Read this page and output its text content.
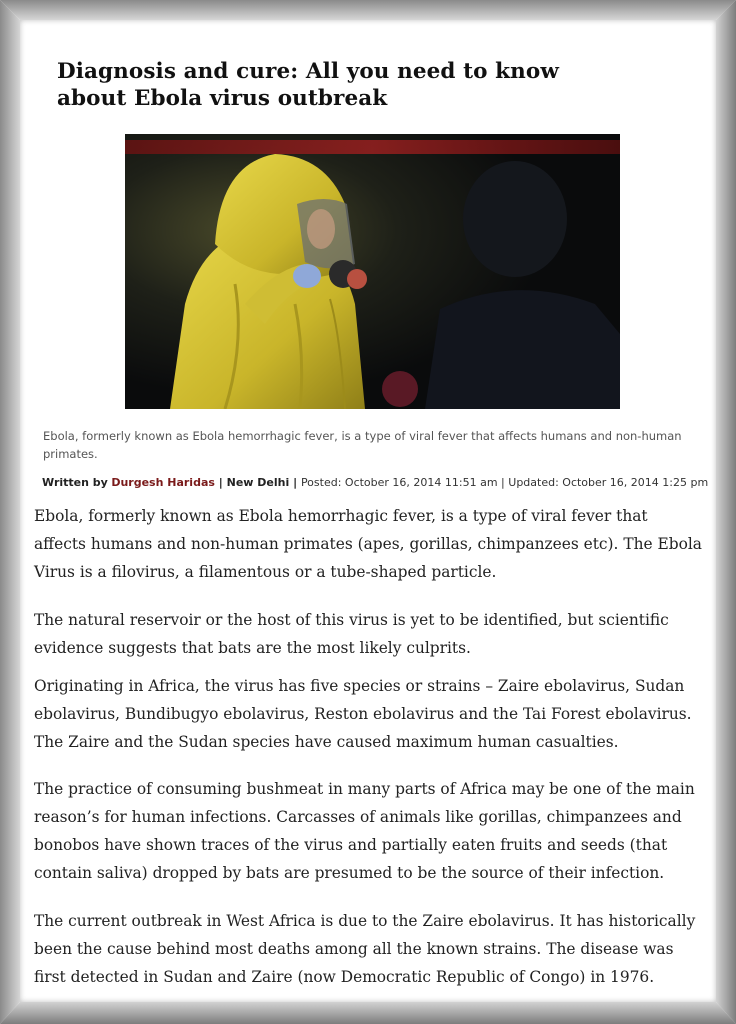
Diagnosis and cure: All you need to know
about Ebola virus outbreak
Ebola, formerly known as Ebola hemorrhagic fever, is a type of viral fever that affects humans and non-human primates.
Written by Durgesh Haridas | New Delhi | Posted: October 16, 2014 11:51 am | Updated: October 16, 2014 1:25 pm

Ebola, formerly known as Ebola hemorrhagic fever, is a type of viral fever that affects humans and non-human primates (apes, gorillas, chimpanzees etc). The Ebola Virus is a filovirus, a filamentous or a tube-shaped particle.

The natural reservoir or the host of this virus is yet to be identified, but scientific evidence suggests that bats are the most likely culprits.

Originating in Africa, the virus has five species or strains – Zaire ebolavirus, Sudan ebolavirus, Bundibugyo ebolavirus, Reston ebolavirus and the Tai Forest ebolavirus. The Zaire and the Sudan species have caused maximum human casualties.

The practice of consuming bushmeat in many parts of Africa may be one of the main reason’s for human infections. Carcasses of animals like gorillas, chimpanzees and bonobos have shown traces of the virus and partially eaten fruits and seeds (that contain saliva) dropped by bats are presumed to be the source of their infection.

The current outbreak in West Africa is due to the Zaire ebolavirus. It has historically been the cause behind most deaths among all the known strains. The disease was first detected in Sudan and Zaire (now Democratic Republic of Congo) in 1976.
